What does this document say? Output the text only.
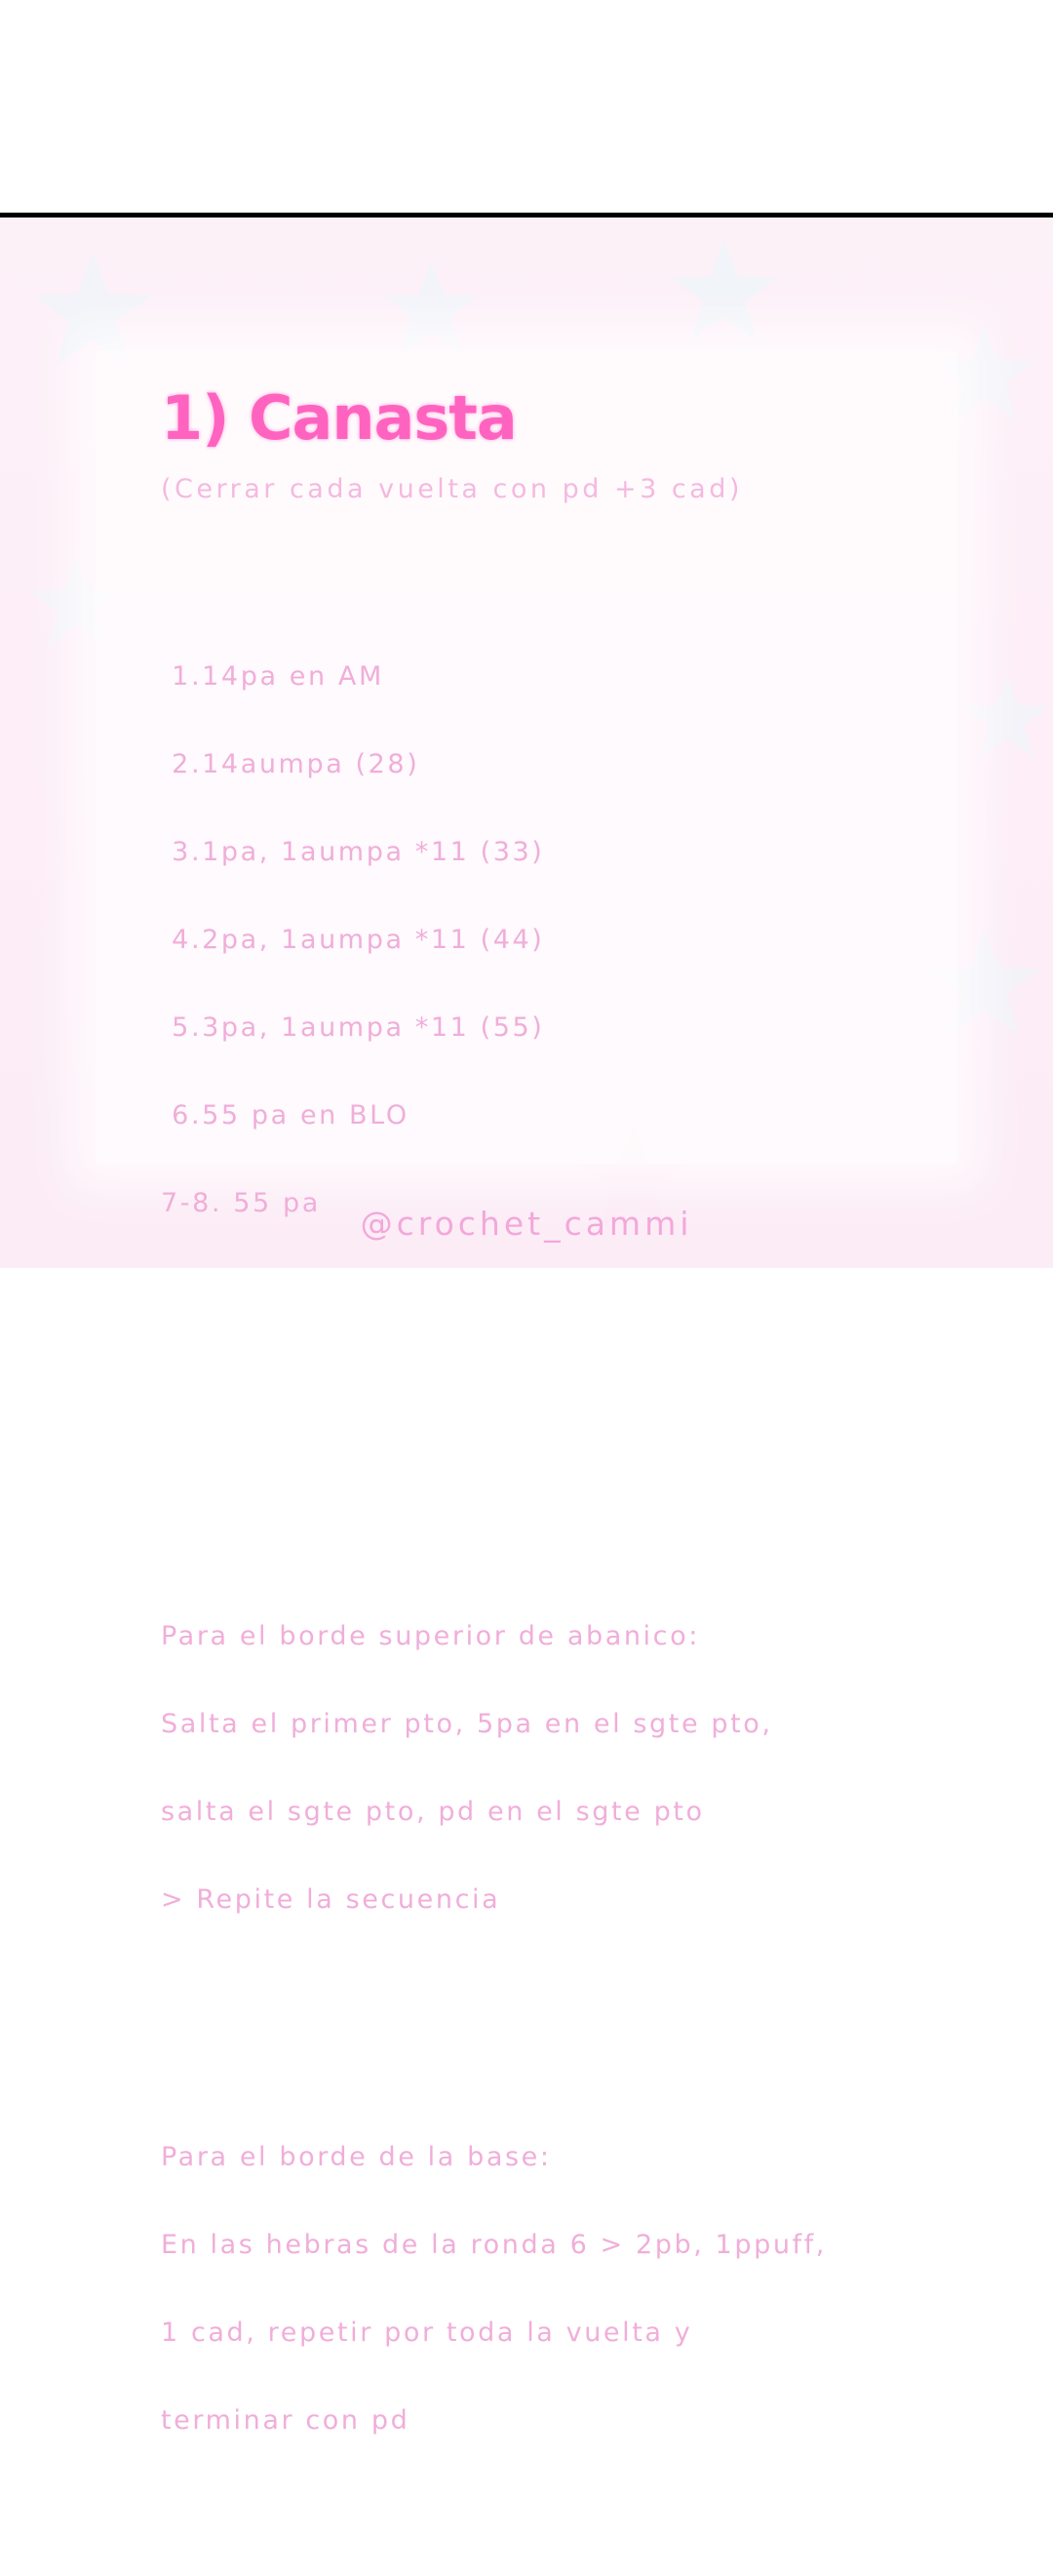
1) Canasta
(Cerrar cada vuelta con pd +3 cad)

1.14pa en AM

2.14aumpa (28)

3.1pa, 1aumpa *11 (33)

4.2pa, 1aumpa *11 (44)

5.3pa, 1aumpa *11 (55)

6.55 pa en BLO

7-8. 55 pa

Para el borde superior de abanico:

Salta el primer pto, 5pa en el sgte pto,

salta el sgte pto, pd en el sgte pto

> Repite la secuencia

Para el borde de la base:

En las hebras de la ronda 6 > 2pb, 1ppuff,

1 cad, repetir por toda la vuelta y

terminar con pd

@crochet_cammi
